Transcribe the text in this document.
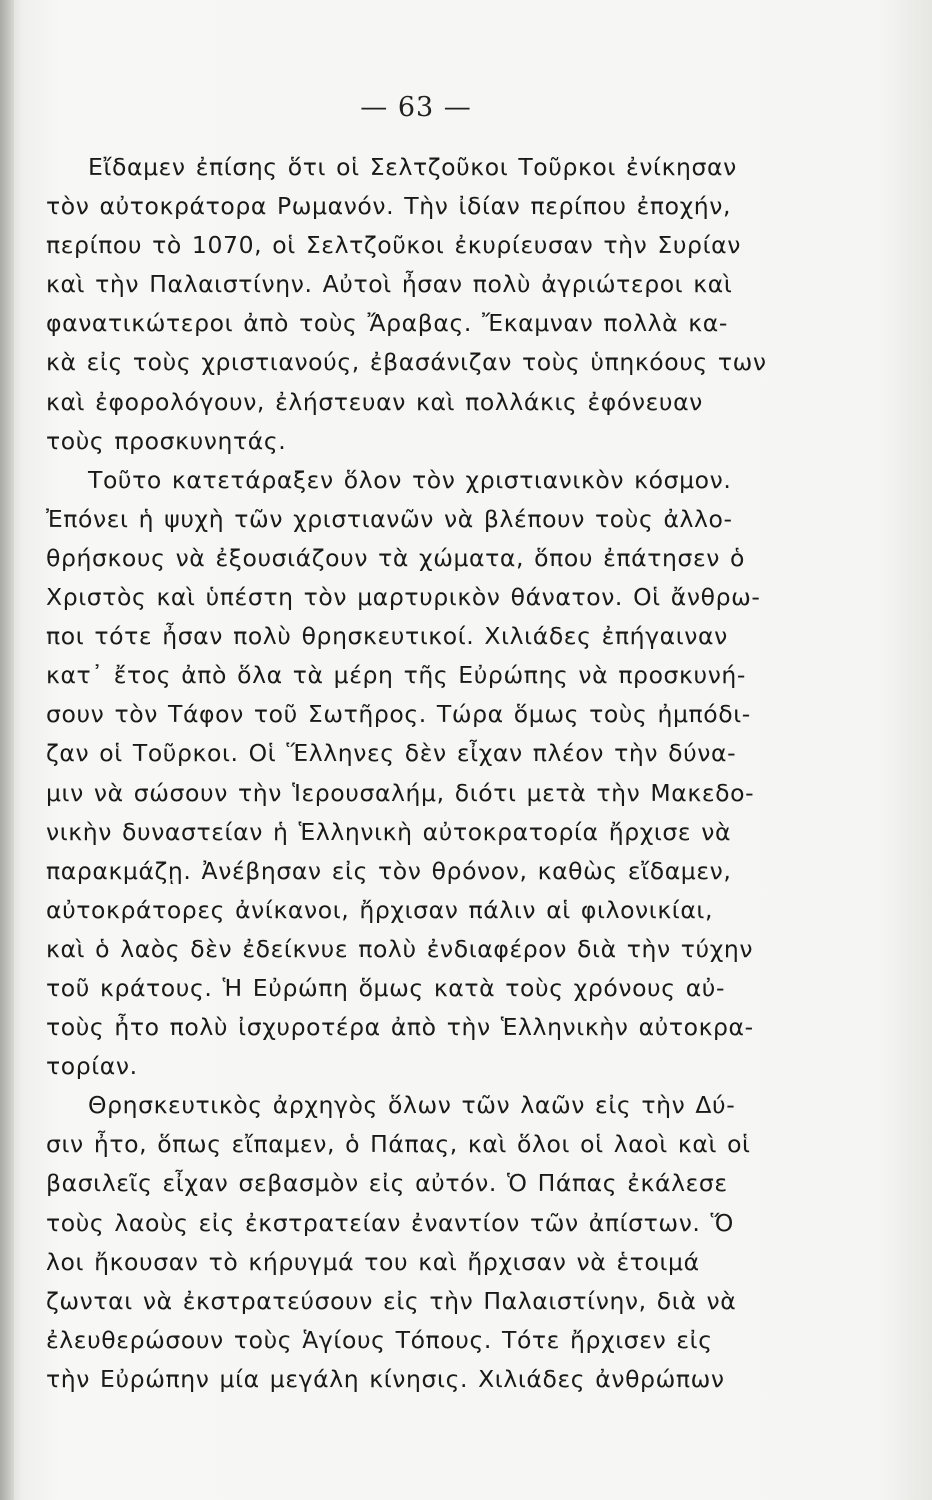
— 63 —
Εἴδαμεν ἐπίσης ὅτι οἱ Σελτζοῦκοι Τοῦρκοι ἐνίκησαν
τὸν αὐτοκράτορα Ρωμανόν. Τὴν ἰδίαν περίπου ἐποχήν,
περίπου τὸ 1070, οἱ Σελτζοῦκοι ἐκυρίευσαν τὴν Συρίαν
καὶ τὴν Παλαιστίνην. Αὐτοὶ ἦσαν πολὺ ἀγριώτεροι καὶ
φανατικώτεροι ἀπὸ τοὺς Ἄραβας. Ἔκαμναν πολλὰ κα-
κὰ εἰς τοὺς χριστιανούς, ἐβασάνιζαν τοὺς ὑπηκόους των
καὶ ἐφορολόγουν, ἐλήστευαν καὶ πολλάκις ἐφόνευαν
τοὺς προσκυνητάς.
Τοῦτο κατετάραξεν ὅλον τὸν χριστιανικὸν κόσμον.
Ἐπόνει ἡ ψυχὴ τῶν χριστιανῶν νὰ βλέπουν τοὺς ἀλλο-
θρήσκους νὰ ἐξουσιάζουν τὰ χώματα, ὅπου ἐπάτησεν ὁ
Χριστὸς καὶ ὑπέστη τὸν μαρτυρικὸν θάνατον. Οἱ ἄνθρω-
ποι τότε ἦσαν πολὺ θρησκευτικοί. Χιλιάδες ἐπήγαιναν
κατ᾽ ἔτος ἀπὸ ὅλα τὰ μέρη τῆς Εὐρώπης νὰ προσκυνή-
σουν τὸν Τάφον τοῦ Σωτῆρος. Τώρα ὅμως τοὺς ἠμπόδι-
ζαν οἱ Τοῦρκοι. Οἱ Ἕλληνες δὲν εἶχαν πλέον τὴν δύνα-
μιν νὰ σώσουν τὴν Ἱερουσαλήμ, διότι μετὰ τὴν Μακεδο-
νικὴν δυναστείαν ἡ Ἑλληνικὴ αὐτοκρατορία ἤρχισε νὰ
παρακμάζῃ. Ἀνέβησαν εἰς τὸν θρόνον, καθὼς εἴδαμεν,
αὐτοκράτορες ἀνίκανοι, ἤρχισαν πάλιν αἱ φιλονικίαι,
καὶ ὁ λαὸς δὲν ἐδείκνυε πολὺ ἐνδιαφέρον διὰ τὴν τύχην
τοῦ κράτους. Ἡ Εὐρώπη ὅμως κατὰ τοὺς χρόνους αὐ-
τοὺς ἦτο πολὺ ἰσχυροτέρα ἀπὸ τὴν Ἑλληνικὴν αὐτοκρα-
τορίαν.
Θρησκευτικὸς ἀρχηγὸς ὅλων τῶν λαῶν εἰς τὴν Δύ-
σιν ἦτο, ὅπως εἴπαμεν, ὁ Πάπας, καὶ ὅλοι οἱ λαοὶ καὶ οἱ
βασιλεῖς εἶχαν σεβασμὸν εἰς αὐτόν. Ὁ Πάπας ἐκάλεσε
τοὺς λαοὺς εἰς ἐκστρατείαν ἐναντίον τῶν ἀπίστων. Ὅ
λοι ἤκουσαν τὸ κήρυγμά του καὶ ἤρχισαν νὰ ἑτοιμά
ζωνται νὰ ἐκστρατεύσουν εἰς τὴν Παλαιστίνην, διὰ νὰ
ἐλευθερώσουν τοὺς Ἁγίους Τόπους. Τότε ἤρχισεν εἰς
τὴν Εὐρώπην μία μεγάλη κίνησις. Χιλιάδες ἀνθρώπων
